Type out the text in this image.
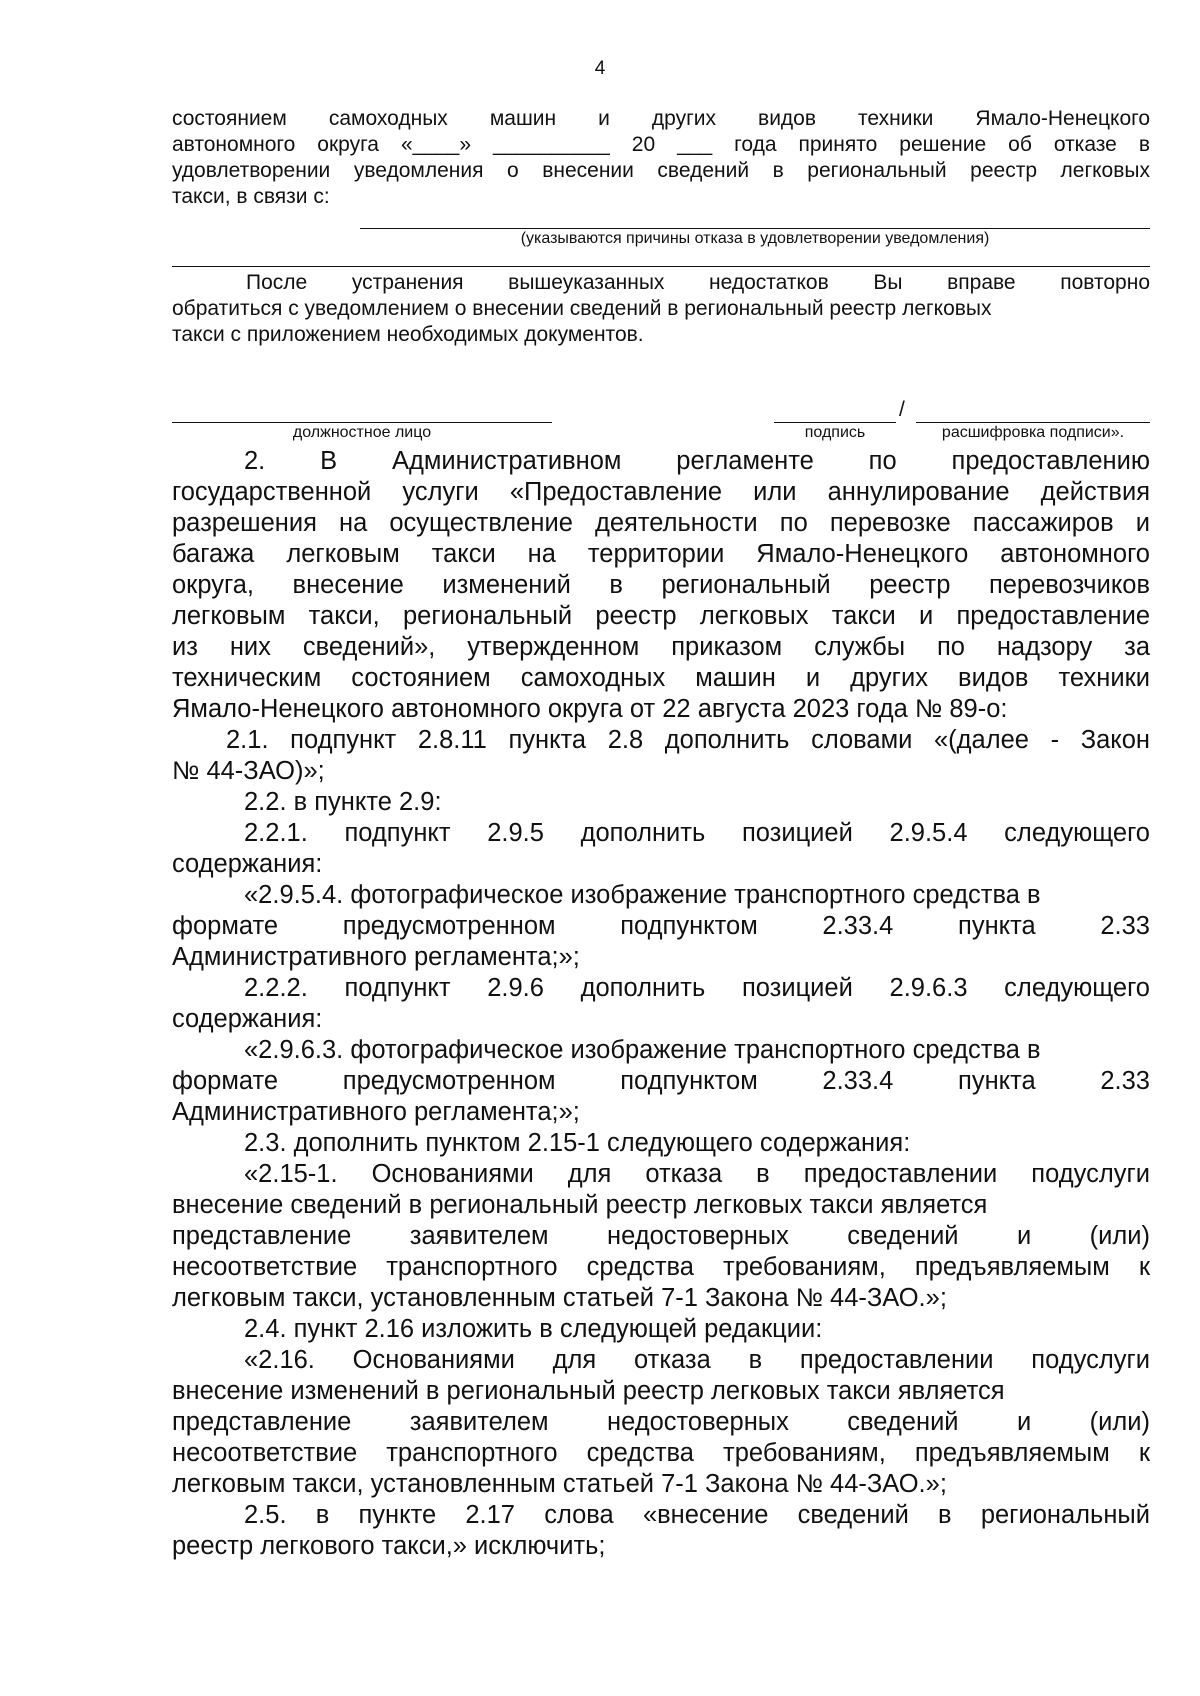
4
состоянием самоходных машин и других видов техники Ямало-Ненецкого
автономного округа «____» __________ 20 ___ года принято решение об отказе в
удовлетворении уведомления о внесении сведений в региональный реестр легковых
такси, в связи с:
(указываются причины отказа в удовлетворении уведомления)
После устранения вышеуказанных недостатков Вы вправе повторно
обратиться с уведомлением о внесении сведений в региональный реестр легковых
такси с приложением необходимых документов.
должностное лицо
/
подпись	расшифровка подписи».
2. В Административном регламенте по предоставлению
государственной услуги «Предоставление или аннулирование действия
разрешения на осуществление деятельности по перевозке пассажиров и
багажа легковым такси на территории Ямало-Ненецкого автономного
округа, внесение изменений в региональный реестр перевозчиков
легковым такси, региональный реестр легковых такси и предоставление
из них сведений», утвержденном приказом службы по надзору за
техническим состоянием самоходных машин и других видов техники
Ямало-Ненецкого автономного округа от 22 августа 2023 года № 89-о:
2.1. подпункт 2.8.11 пункта 2.8 дополнить словами «(далее - Закон
№ 44-ЗАО)»;
2.2. в пункте 2.9:
2.2.1. подпункт 2.9.5 дополнить позицией 2.9.5.4 следующего
содержания:
«2.9.5.4. фотографическое изображение транспортного средства в
формате предусмотренном подпунктом 2.33.4 пункта 2.33
Административного регламента;»;
2.2.2. подпункт 2.9.6 дополнить позицией 2.9.6.3 следующего
содержания:
«2.9.6.3. фотографическое изображение транспортного средства в
формате предусмотренном подпунктом 2.33.4 пункта 2.33
Административного регламента;»;
2.3. дополнить пунктом 2.15-1 следующего содержания:
«2.15-1. Основаниями для отказа в предоставлении подуслуги
внесение сведений в региональный реестр легковых такси является
представление заявителем недостоверных сведений и (или)
несоответствие транспортного средства требованиям, предъявляемым к
легковым такси, установленным статьей 7-1 Закона № 44-ЗАО.»;
2.4. пункт 2.16 изложить в следующей редакции:
«2.16. Основаниями для отказа в предоставлении подуслуги
внесение изменений в региональный реестр легковых такси является
представление заявителем недостоверных сведений и (или)
несоответствие транспортного средства требованиям, предъявляемым к
легковым такси, установленным статьей 7-1 Закона № 44-ЗАО.»;
2.5. в пункте 2.17 слова «внесение сведений в региональный
реестр легкового такси,» исключить;
